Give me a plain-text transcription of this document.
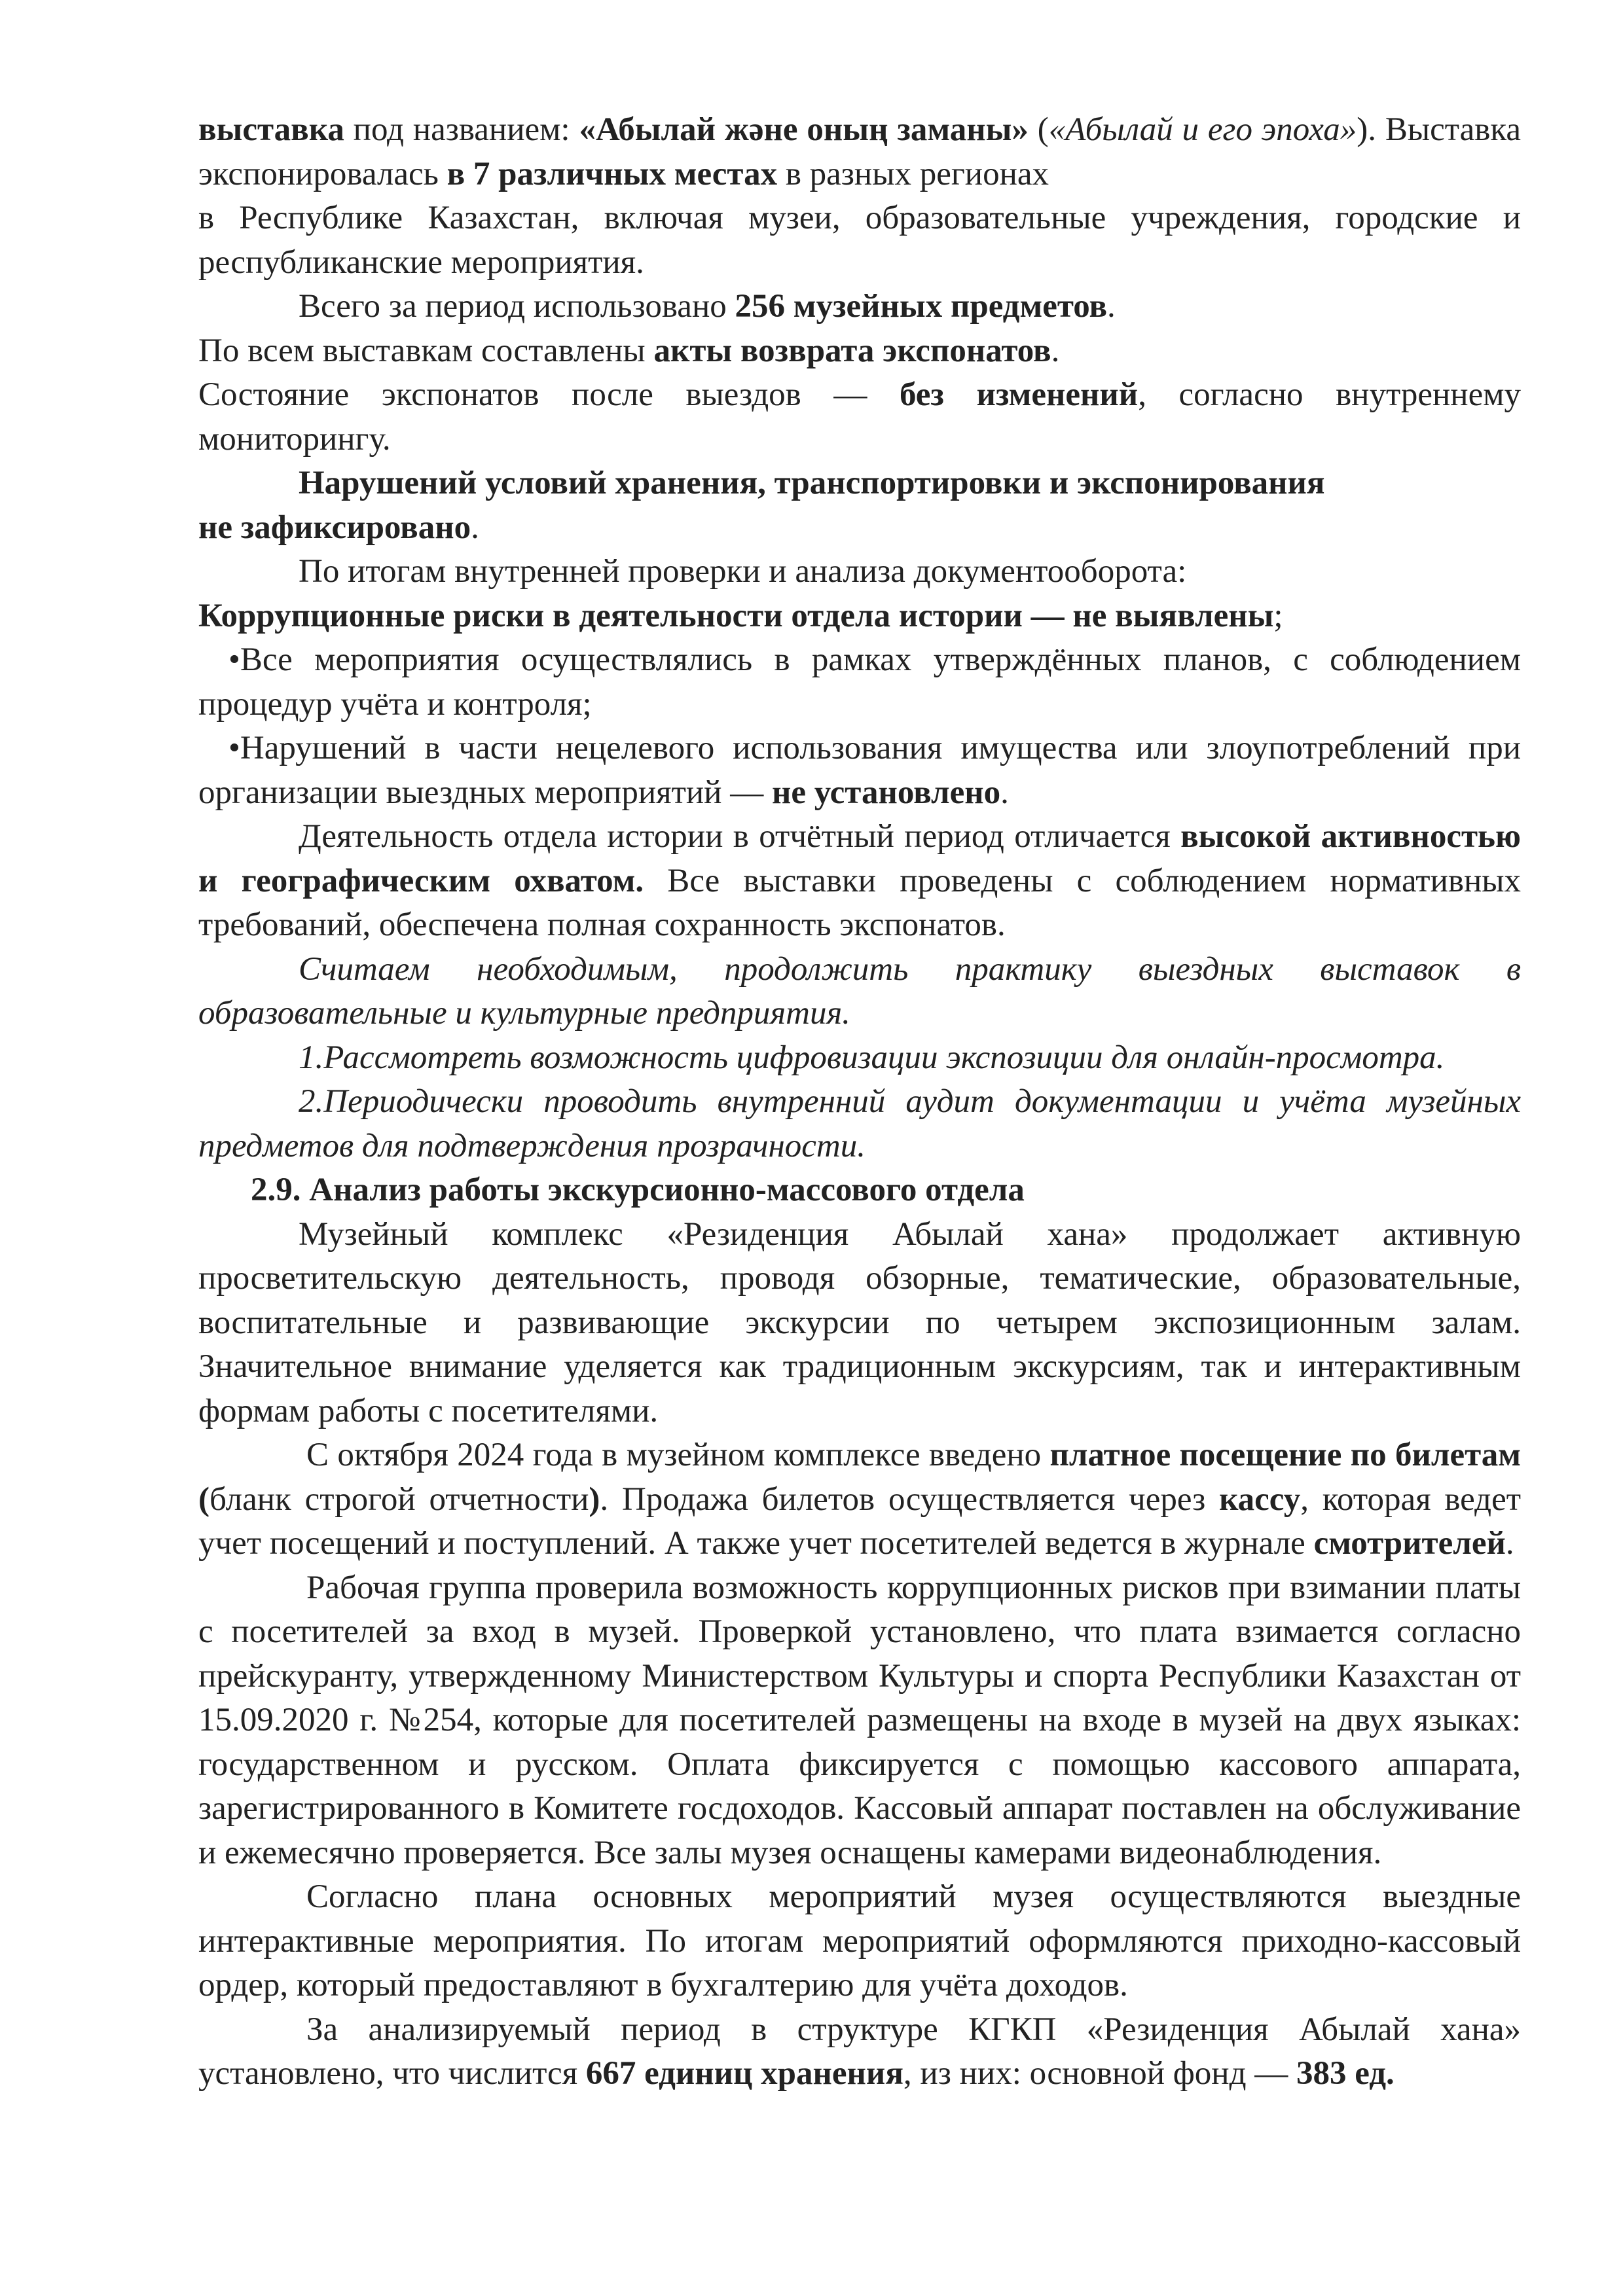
выставка под названием: «Абылай және оның заманы» («Абылай и его эпоха»). Выставка экспонировалась в 7 различных местах в разных регионах
в Республике Казахстан, включая музеи, образовательные учреждения, городские и республиканские мероприятия.

Всего за период использовано 256 музейных предметов.

По всем выставкам составлены акты возврата экспонатов.

Состояние экспонатов после выездов — без изменений, согласно внутреннему мониторингу.

Нарушений условий хранения, транспортировки и экспонирования
не зафиксировано.

По итогам внутренней проверки и анализа документооборота:

Коррупционные риски в деятельности отдела истории — не выявлены;

•Все мероприятия осуществлялись в рамках утверждённых планов, с соблюдением процедур учёта и контроля;

•Нарушений в части нецелевого использования имущества или злоупотреблений при организации выездных мероприятий — не установлено.

Деятельность отдела истории в отчётный период отличается высокой активностью и географическим охватом. Все выставки проведены с соблюдением нормативных требований, обеспечена полная сохранность экспонатов.

Считаем необходимым, продолжить практику выездных выставок в образовательные и культурные предприятия.

1.Рассмотреть возможность цифровизации экспозиции для онлайн-просмотра.

2.Периодически проводить внутренний аудит документации и учёта музейных предметов для подтверждения прозрачности.

2.9. Анализ работы экскурсионно-массового отдела

Музейный комплекс «Резиденция Абылай хана» продолжает активную просветительскую деятельность, проводя обзорные, тематические, образовательные, воспитательные и развивающие экскурсии по четырем экспозиционным залам. Значительное внимание уделяется как традиционным экскурсиям, так и интерактивным формам работы с посетителями.

С октября 2024 года в музейном комплексе введено платное посещение по билетам (бланк строгой отчетности). Продажа билетов осуществляется через кассу, которая ведет учет посещений и поступлений. А также учет посетителей ведется в журнале смотрителей.

Рабочая группа проверила возможность коррупционных рисков при взимании платы с посетителей за вход в музей. Проверкой установлено, что плата взимается согласно прейскуранту, утвержденному Министерством Культуры и спорта Республики Казахстан от 15.09.2020 г. №254, которые для посетителей размещены на входе в музей на двух языках: государственном и русском. Оплата фиксируется с помощью кассового аппарата, зарегистрированного в Комитете госдоходов. Кассовый аппарат поставлен на обслуживание и ежемесячно проверяется. Все залы музея оснащены камерами видеонаблюдения.

Согласно плана основных мероприятий музея осуществляются выездные интерактивные мероприятия. По итогам мероприятий оформляются приходно-кассовый ордер, который предоставляют в бухгалтерию для учёта доходов.

За анализируемый период в структуре КГКП «Резиденция Абылай хана» установлено, что числится 667 единиц хранения, из них: основной фонд — 383 ед.
